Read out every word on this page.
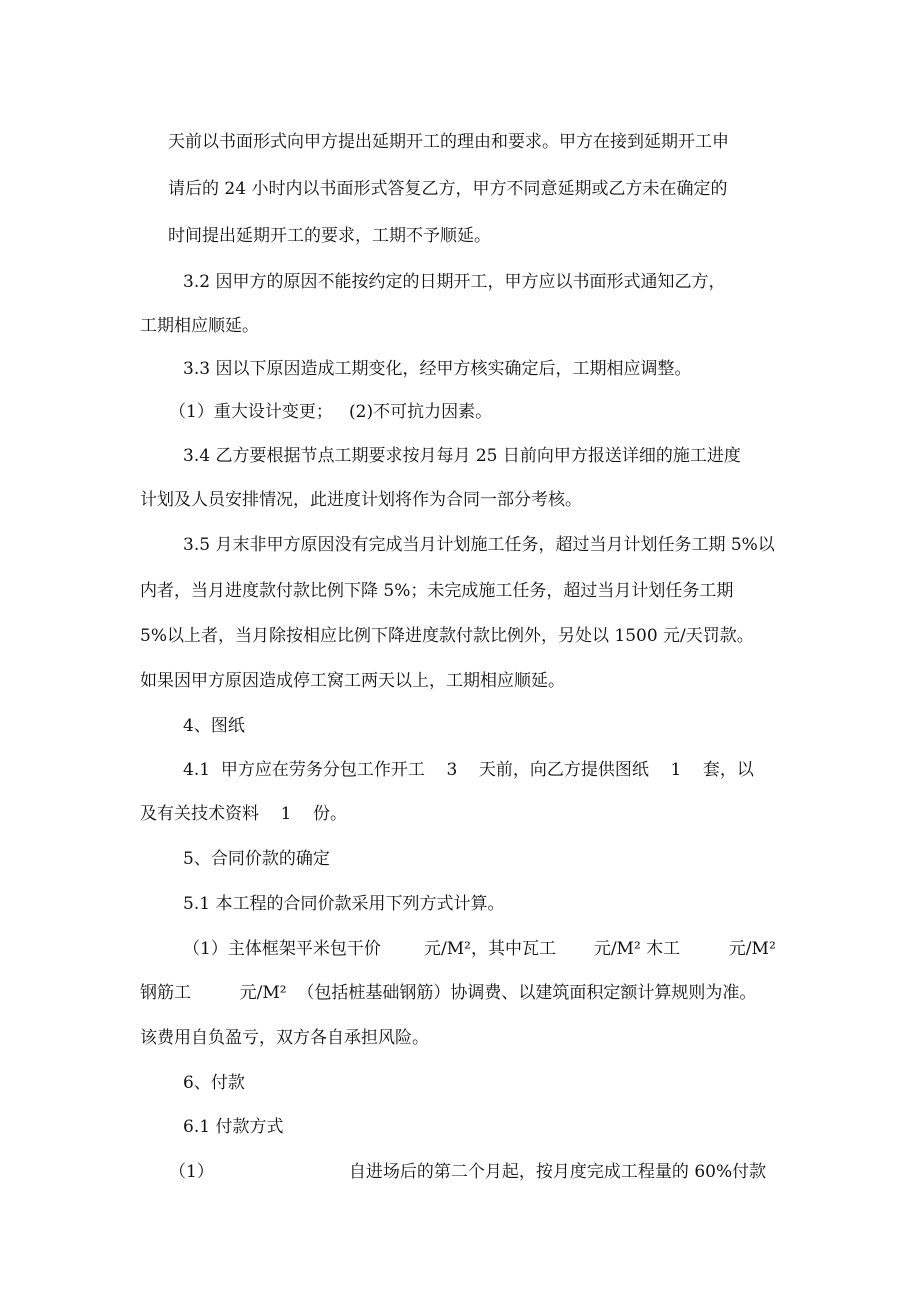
天前以书面形式向甲方提出延期开工的理由和要求。甲方在接到延期开工申
请后的 24 小时内以书面形式答复乙方，甲方不同意延期或乙方未在确定的
时间提出延期开工的要求，工期不予顺延。
3.2 因甲方的原因不能按约定的日期开工，甲方应以书面形式通知乙方，
工期相应顺延。
3.3 因以下原因造成工期变化，经甲方核实确定后，工期相应调整。
（1）重大设计变更；   (2)不可抗力因素。
3.4 乙方要根据节点工期要求按月每月 25 日前向甲方报送详细的施工进度
计划及人员安排情况，此进度计划将作为合同一部分考核。
3.5 月末非甲方原因没有完成当月计划施工任务，超过当月计划任务工期 5%以
内者，当月进度款付款比例下降 5%；未完成施工任务，超过当月计划任务工期
5%以上者，当月除按相应比例下降进度款付款比例外，另处以 1500 元/天罚款。
如果因甲方原因造成停工窝工两天以上，工期相应顺延。
4、图纸
4.1  甲方应在劳务分包工作开工    3    天前，向乙方提供图纸    1    套，以
及有关技术资料    1    份。
5、合同价款的确定
5.1 本工程的合同价款采用下列方式计算。
（1）主体框架平米包干价        元/M²，其中瓦工       元/M² 木工         元/M²
钢筋工         元/M²  （包括桩基础钢筋）协调费、以建筑面积定额计算规则为准。
该费用自负盈亏，双方各自承担风险。
6、付款
6.1 付款方式
（1）                         自进场后的第二个月起，按月度完成工程量的 60%付款
